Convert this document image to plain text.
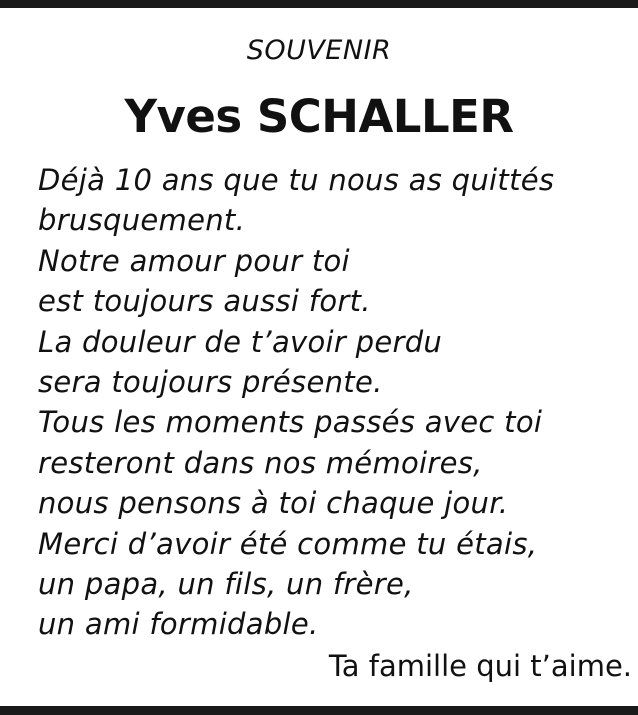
SOUVENIR
Yves SCHALLER
Déjà 10 ans que tu nous as quittés
brusquement.
Notre amour pour toi
est toujours aussi fort.
La douleur de t’avoir perdu
sera toujours présente.
Tous les moments passés avec toi
resteront dans nos mémoires,
nous pensons à toi chaque jour.
Merci d’avoir été comme tu étais,
un papa, un fils, un frère,
un ami formidable.
Ta famille qui t’aime.
